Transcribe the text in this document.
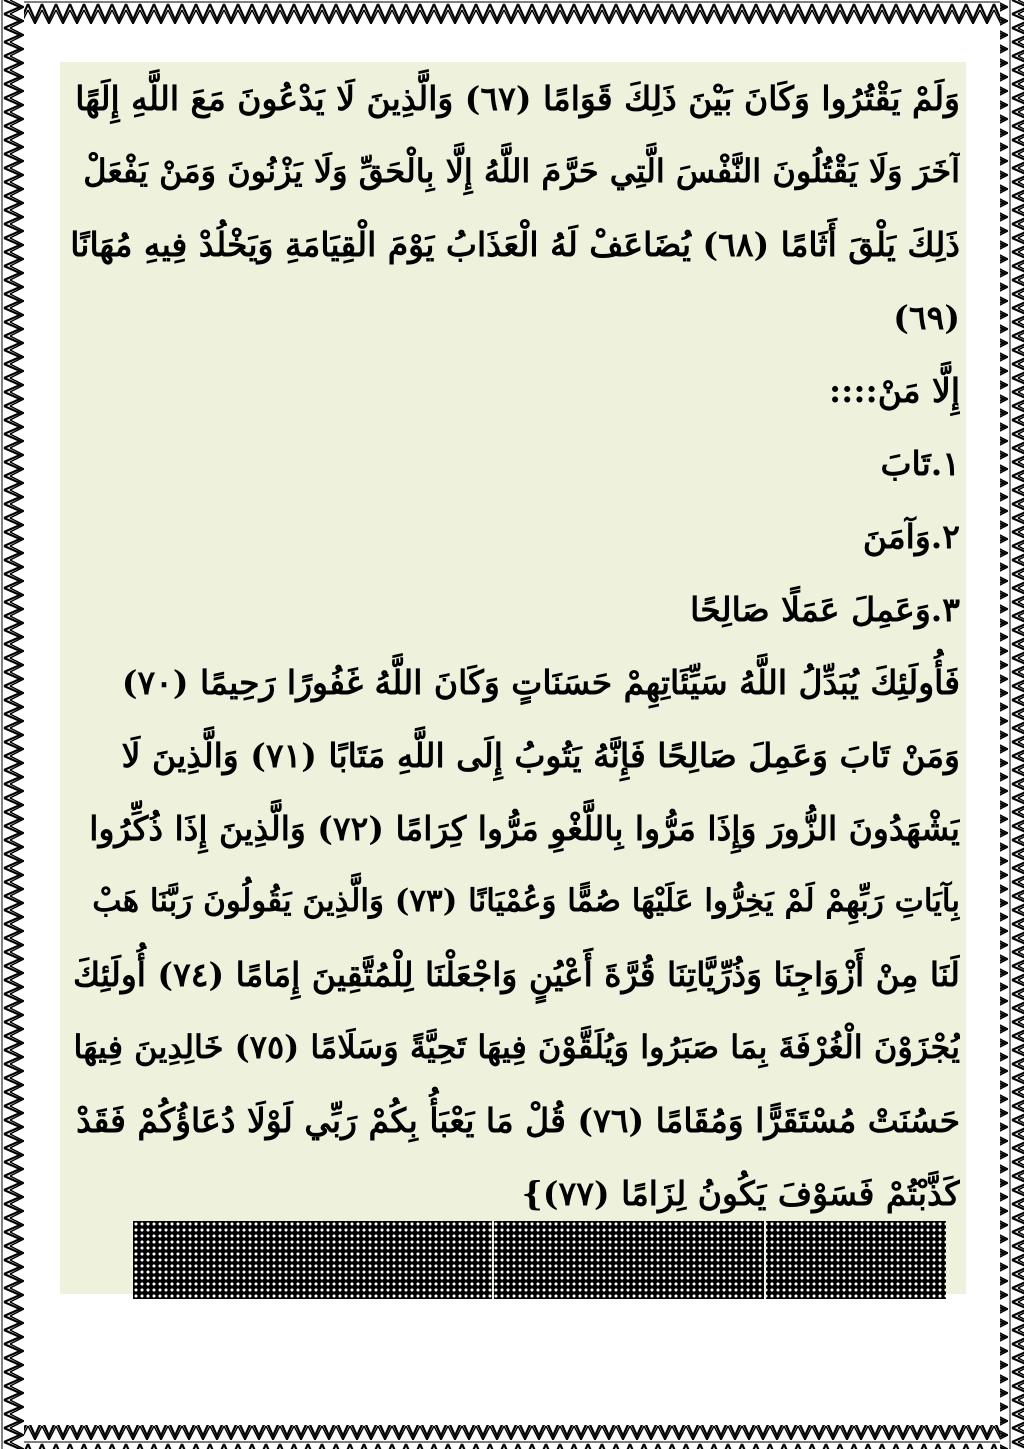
وَلَمْ يَقْتُرُوا وَكَانَ بَيْنَ ذَلِكَ قَوَامًا (٦٧) وَالَّذِينَ لَا يَدْعُونَ مَعَ اللَّهِ إِلَهًا
آخَرَ وَلَا يَقْتُلُونَ النَّفْسَ الَّتِي حَرَّمَ اللَّهُ إِلَّا بِالْحَقِّ وَلَا يَزْنُونَ وَمَنْ يَفْعَلْ
ذَلِكَ يَلْقَ أَثَامًا (٦٨) يُضَاعَفْ لَهُ الْعَذَابُ يَوْمَ الْقِيَامَةِ وَيَخْلُدْ فِيهِ مُهَانًا
(٦٩)
إِلَّا مَنْ::::
١.تَابَ
٢.وَآمَنَ
٣.وَعَمِلَ عَمَلًا صَالِحًا
فَأُولَئِكَ يُبَدِّلُ اللَّهُ سَيِّئَاتِهِمْ حَسَنَاتٍ وَكَانَ اللَّهُ غَفُورًا رَحِيمًا (٧٠)
وَمَنْ تَابَ وَعَمِلَ صَالِحًا فَإِنَّهُ يَتُوبُ إِلَى اللَّهِ مَتَابًا (٧١) وَالَّذِينَ لَا
يَشْهَدُونَ الزُّورَ وَإِذَا مَرُّوا بِاللَّغْوِ مَرُّوا كِرَامًا (٧٢) وَالَّذِينَ إِذَا ذُكِّرُوا
بِآيَاتِ رَبِّهِمْ لَمْ يَخِرُّوا عَلَيْهَا صُمًّا وَعُمْيَانًا (٧٣) وَالَّذِينَ يَقُولُونَ رَبَّنَا هَبْ
لَنَا مِنْ أَزْوَاجِنَا وَذُرِّيَّاتِنَا قُرَّةَ أَعْيُنٍ وَاجْعَلْنَا لِلْمُتَّقِينَ إِمَامًا (٧٤) أُولَئِكَ
يُجْزَوْنَ الْغُرْفَةَ بِمَا صَبَرُوا وَيُلَقَّوْنَ فِيهَا تَحِيَّةً وَسَلَامًا (٧٥) خَالِدِينَ فِيهَا
حَسُنَتْ مُسْتَقَرًّا وَمُقَامًا (٧٦) قُلْ مَا يَعْبَأُ بِكُمْ رَبِّي لَوْلَا دُعَاؤُكُمْ فَقَدْ
كَذَّبْتُمْ فَسَوْفَ يَكُونُ لِزَامًا (٧٧)}
